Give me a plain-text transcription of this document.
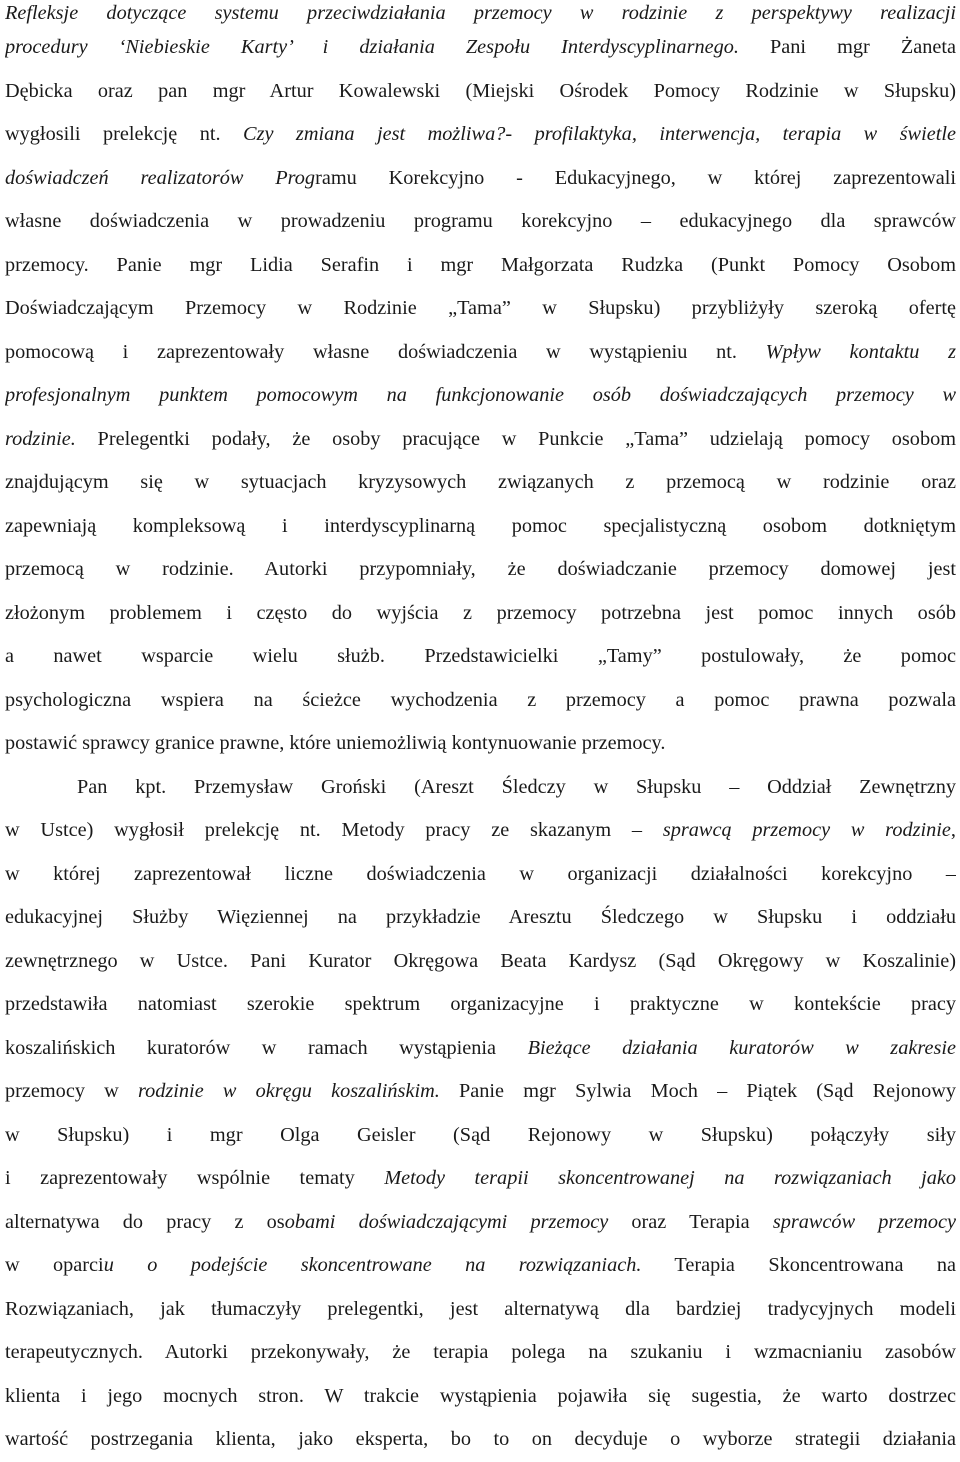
Refleksje dotyczące systemu przeciwdziałania przemocy w rodzinie z perspektywy realizacji
procedury ‘Niebieskie Karty’ i działania Zespołu Interdyscyplinarnego. Pani mgr Żaneta
Dębicka oraz pan mgr Artur Kowalewski (Miejski Ośrodek Pomocy Rodzinie w Słupsku)
wygłosili prelekcję nt. Czy zmiana jest możliwa?- profilaktyka, interwencja, terapia w świetle
doświadczeń realizatorów Programu Korekcyjno - Edukacyjnego, w której zaprezentowali
własne doświadczenia w prowadzeniu programu korekcyjno – edukacyjnego dla sprawców
przemocy. Panie mgr Lidia Serafin i mgr Małgorzata Rudzka (Punkt Pomocy Osobom
Doświadczającym Przemocy w Rodzinie „Tama” w Słupsku) przybliżyły szeroką ofertę
pomocową i zaprezentowały własne doświadczenia w wystąpieniu nt. Wpływ kontaktu z
profesjonalnym punktem pomocowym na funkcjonowanie osób doświadczających przemocy w
rodzinie. Prelegentki podały, że osoby pracujące w Punkcie „Tama” udzielają pomocy osobom
znajdującym się w sytuacjach kryzysowych związanych z przemocą w rodzinie oraz
zapewniają kompleksową i interdyscyplinarną pomoc specjalistyczną osobom dotkniętym
przemocą w rodzinie. Autorki przypomniały, że doświadczanie przemocy domowej jest
złożonym problemem i często do wyjścia z przemocy potrzebna jest pomoc innych osób
a nawet wsparcie wielu służb. Przedstawicielki „Tamy” postulowały, że pomoc
psychologiczna wspiera na ścieżce wychodzenia z przemocy a pomoc prawna pozwala
postawić sprawcy granice prawne, które uniemożliwią kontynuowanie przemocy.
Pan kpt. Przemysław Groński (Areszt Śledczy w Słupsku – Oddział Zewnętrzny
w Ustce) wygłosił prelekcję nt. Metody pracy ze skazanym – sprawcą przemocy w rodzinie,
w której zaprezentował liczne doświadczenia w organizacji działalności korekcyjno –
edukacyjnej Służby Więziennej na przykładzie Aresztu Śledczego w Słupsku i oddziału
zewnętrznego w Ustce. Pani Kurator Okręgowa Beata Kardysz (Sąd Okręgowy w Koszalinie)
przedstawiła natomiast szerokie spektrum organizacyjne i praktyczne w kontekście pracy
koszalińskich kuratorów w ramach wystąpienia Bieżące działania kuratorów w zakresie
przemocy w rodzinie w okręgu koszalińskim. Panie mgr Sylwia Moch – Piątek (Sąd Rejonowy
w Słupsku) i mgr Olga Geisler (Sąd Rejonowy w Słupsku) połączyły siły
i zaprezentowały wspólnie tematy Metody terapii skoncentrowanej na rozwiązaniach jako
alternatywa do pracy z osobami doświadczającymi przemocy oraz Terapia sprawców przemocy
w oparciu o podejście skoncentrowane na rozwiązaniach. Terapia Skoncentrowana na
Rozwiązaniach, jak tłumaczyły prelegentki, jest alternatywą dla bardziej tradycyjnych modeli
terapeutycznych. Autorki przekonywały, że terapia polega na szukaniu i wzmacnianiu zasobów
klienta i jego mocnych stron. W trakcie wystąpienia pojawiła się sugestia, że warto dostrzec
wartość postrzegania klienta, jako eksperta, bo to on decyduje o wyborze strategii działania
